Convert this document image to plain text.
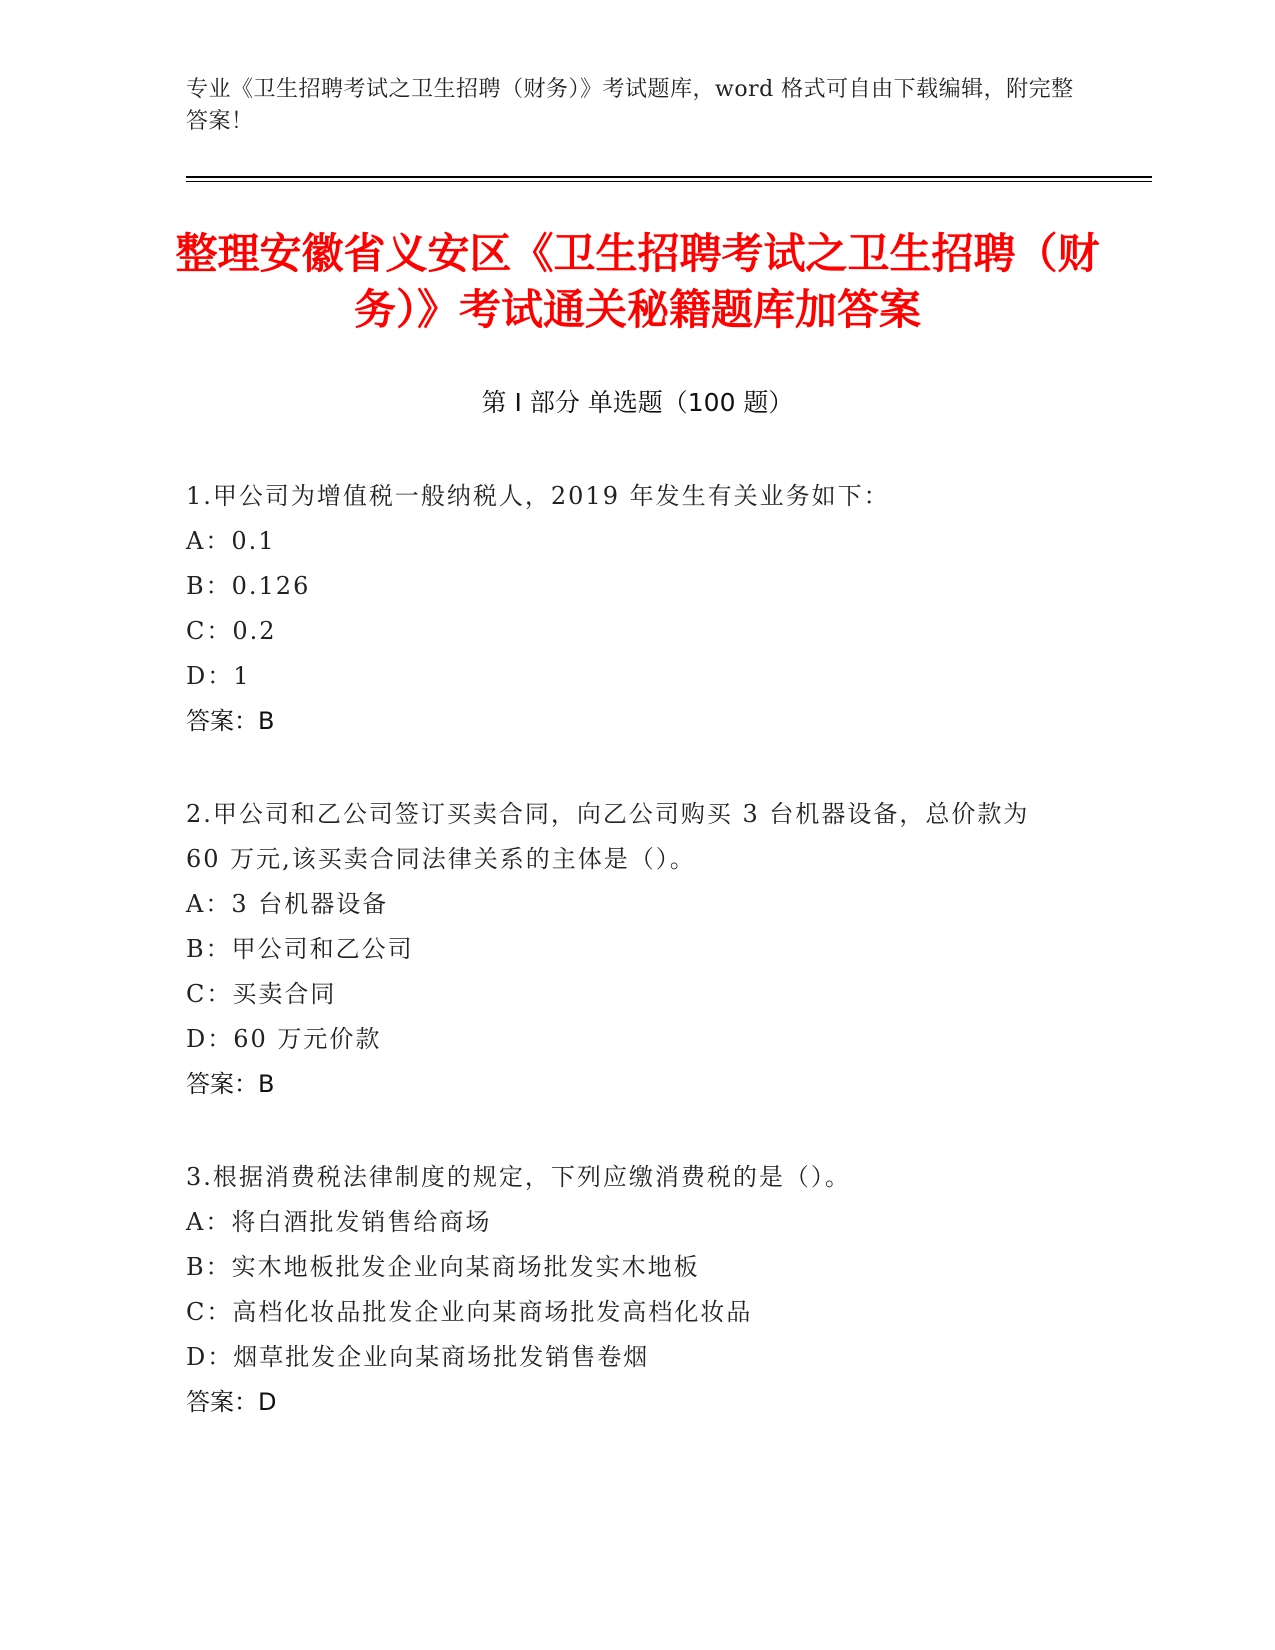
专业《卫生招聘考试之卫生招聘（财务）》考试题库，word 格式可自由下载编辑，附完整答案！
整理安徽省义安区《卫生招聘考试之卫生招聘（财务）》考试通关秘籍题库加答案
第 I 部分 单选题（100 题）
1.甲公司为增值税一般纳税人，2019 年发生有关业务如下：
A：0.1
B：0.126
C：0.2
D：1
答案：B
2.甲公司和乙公司签订买卖合同，向乙公司购买 3 台机器设备，总价款为 60 万元,该买卖合同法律关系的主体是（）。
A：3 台机器设备
B：甲公司和乙公司
C：买卖合同
D：60 万元价款
答案：B
3.根据消费税法律制度的规定，下列应缴消费税的是（）。
A：将白酒批发销售给商场
B：实木地板批发企业向某商场批发实木地板
C：高档化妆品批发企业向某商场批发高档化妆品
D：烟草批发企业向某商场批发销售卷烟
答案：D
